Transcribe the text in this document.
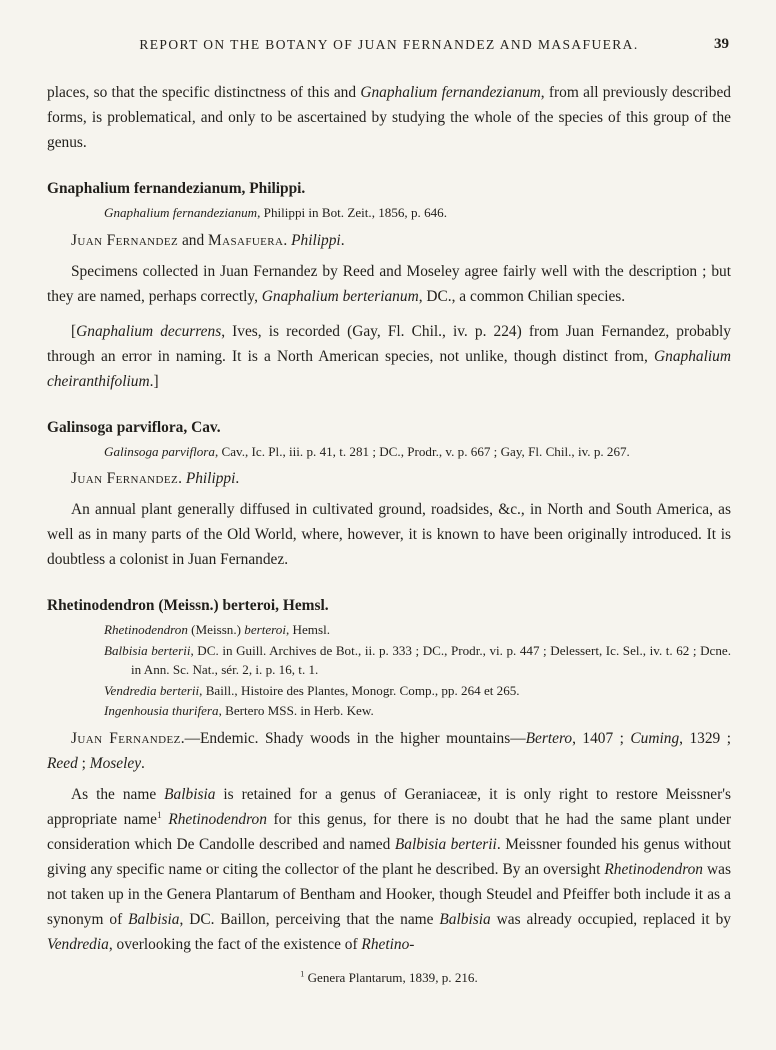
REPORT ON THE BOTANY OF JUAN FERNANDEZ AND MASAFUERA.	39

places, so that the specific distinctness of this and Gnaphalium fernandezianum, from all previously described forms, is problematical, and only to be ascertained by studying the whole of the species of this group of the genus.

Gnaphalium fernandezianum, Philippi.

Gnaphalium fernandezianum, Philippi in Bot. Zeit., 1856, p. 646.

Juan Fernandez and Masafuera. Philippi.

Specimens collected in Juan Fernandez by Reed and Moseley agree fairly well with the description ; but they are named, perhaps correctly, Gnaphalium berterianum, DC., a common Chilian species.

[Gnaphalium decurrens, Ives, is recorded (Gay, Fl. Chil., iv. p. 224) from Juan Fernandez, probably through an error in naming. It is a North American species, not unlike, though distinct from, Gnaphalium cheiranthifolium.]

Galinsoga parviflora, Cav.

Galinsoga parviflora, Cav., Ic. Pl., iii. p. 41, t. 281 ; DC., Prodr., v. p. 667 ; Gay, Fl. Chil., iv. p. 267.

Juan Fernandez. Philippi.

An annual plant generally diffused in cultivated ground, roadsides, &c., in North and South America, as well as in many parts of the Old World, where, however, it is known to have been originally introduced. It is doubtless a colonist in Juan Fernandez.

Rhetinodendron (Meissn.) berteroi, Hemsl.

Rhetinodendron (Meissn.) berteroi, Hemsl.

Balbisia berterii, DC. in Guill. Archives de Bot., ii. p. 333 ; DC., Prodr., vi. p. 447 ; Delessert, Ic. Sel., iv. t. 62 ; Dcne. in Ann. Sc. Nat., sér. 2, i. p. 16, t. 1.

Vendredia berterii, Baill., Histoire des Plantes, Monogr. Comp., pp. 264 et 265.

Ingenhousia thurifera, Bertero MSS. in Herb. Kew.

Juan Fernandez.—Endemic. Shady woods in the higher mountains—Bertero, 1407 ; Cuming, 1329 ; Reed ; Moseley.

As the name Balbisia is retained for a genus of Geraniaceæ, it is only right to restore Meissner's appropriate name$^1$ Rhetinodendron for this genus, for there is no doubt that he had the same plant under consideration which De Candolle described and named Balbisia berterii. Meissner founded his genus without giving any specific name or citing the collector of the plant he described. By an oversight Rhetinodendron was not taken up in the Genera Plantarum of Bentham and Hooker, though Steudel and Pfeiffer both include it as a synonym of Balbisia, DC. Baillon, perceiving that the name Balbisia was already occupied, replaced it by Vendredia, overlooking the fact of the existence of Rhetino-

$^1$ Genera Plantarum, 1839, p. 216.
